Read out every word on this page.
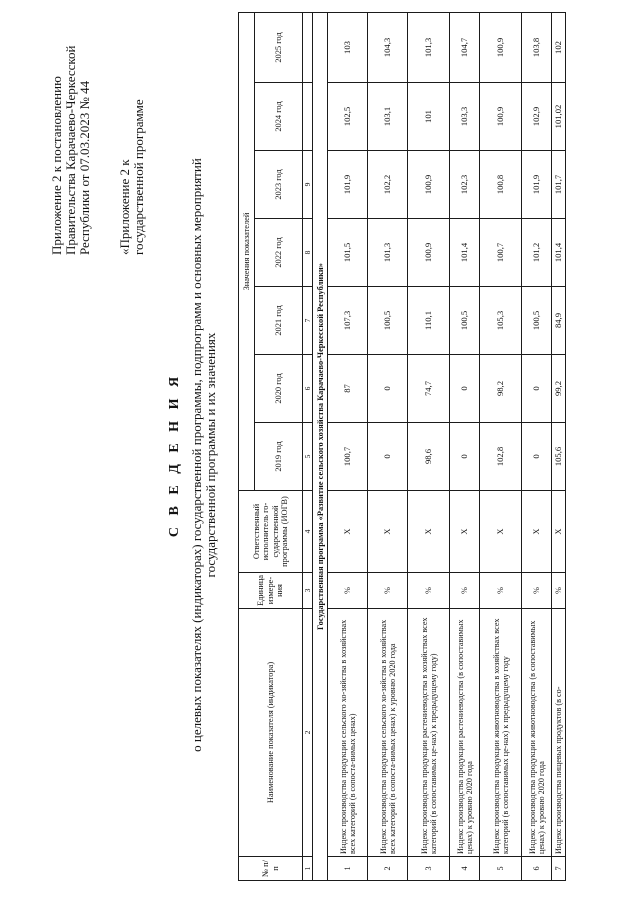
Приложение 2 к постановлению Правительства Карачаево-Черкесской Республики от 07.03.2023 № 44 «Приложение 2 к государственной программе
С В Е Д Е Н И Я о целевых показателях (индикаторах) государственной программы, подпрограмм и основных мероприятий государственной программы и их значениях
№ п/п	Наименование показателя (индикатора)	Единица измере-ния	Ответственный исполнитель го-сударственной программы (ИОГВ)	Значения показателей						
				2019 год	2020 год	2021 год	2022 год	2023 год	2024 год	2025 год
1	2	3	4	5	6	7	8	9		
Государственная программа «Развитие сельского хозяйства Карачаево-Черкесской Республики»										
1	Индекс производства продукции сельского хо-зяйства в хозяйствах всех категорий (в сопоста-вимых ценах)	%	X	100,7	87	107,3	101,5	101,9	102,5	103
2	Индекс производства продукции сельского хо-зяйства в хозяйствах всех категорий (в сопоста-вимых ценах) к уровню 2020 года	%	X	0	0	100,5	101,3	102,2	103,1	104,3
3	Индекс производства продукции растениеводства в хозяйствах всех категорий (в сопоставимых це-нах) к предыдущему году)	%	X	98,6	74,7	110,1	100,9	100,9	101	101,3
4	Индекс производства продукции растениеводства (в сопоставимых ценах) к уровню 2020 года	%	X	0	0	100,5	101,4	102,3	103,3	104,7
5	Индекс производства продукции животноводства в хозяйствах всех категорий (в сопоставимых це-нах) к предыдущему году	%	X	102,8	98,2	105,3	100,7	100,8	100,9	100,9
6	Индекс производства продукции животноводства (в сопоставимых ценах) к уровню 2020 года	%	X	0	0	100,5	101,2	101,9	102,9	103,8
7	Индекс производства пищевых продуктов (в со-	%	X	105,6	99,2	84,9	101,4	101,7	101,02	102
